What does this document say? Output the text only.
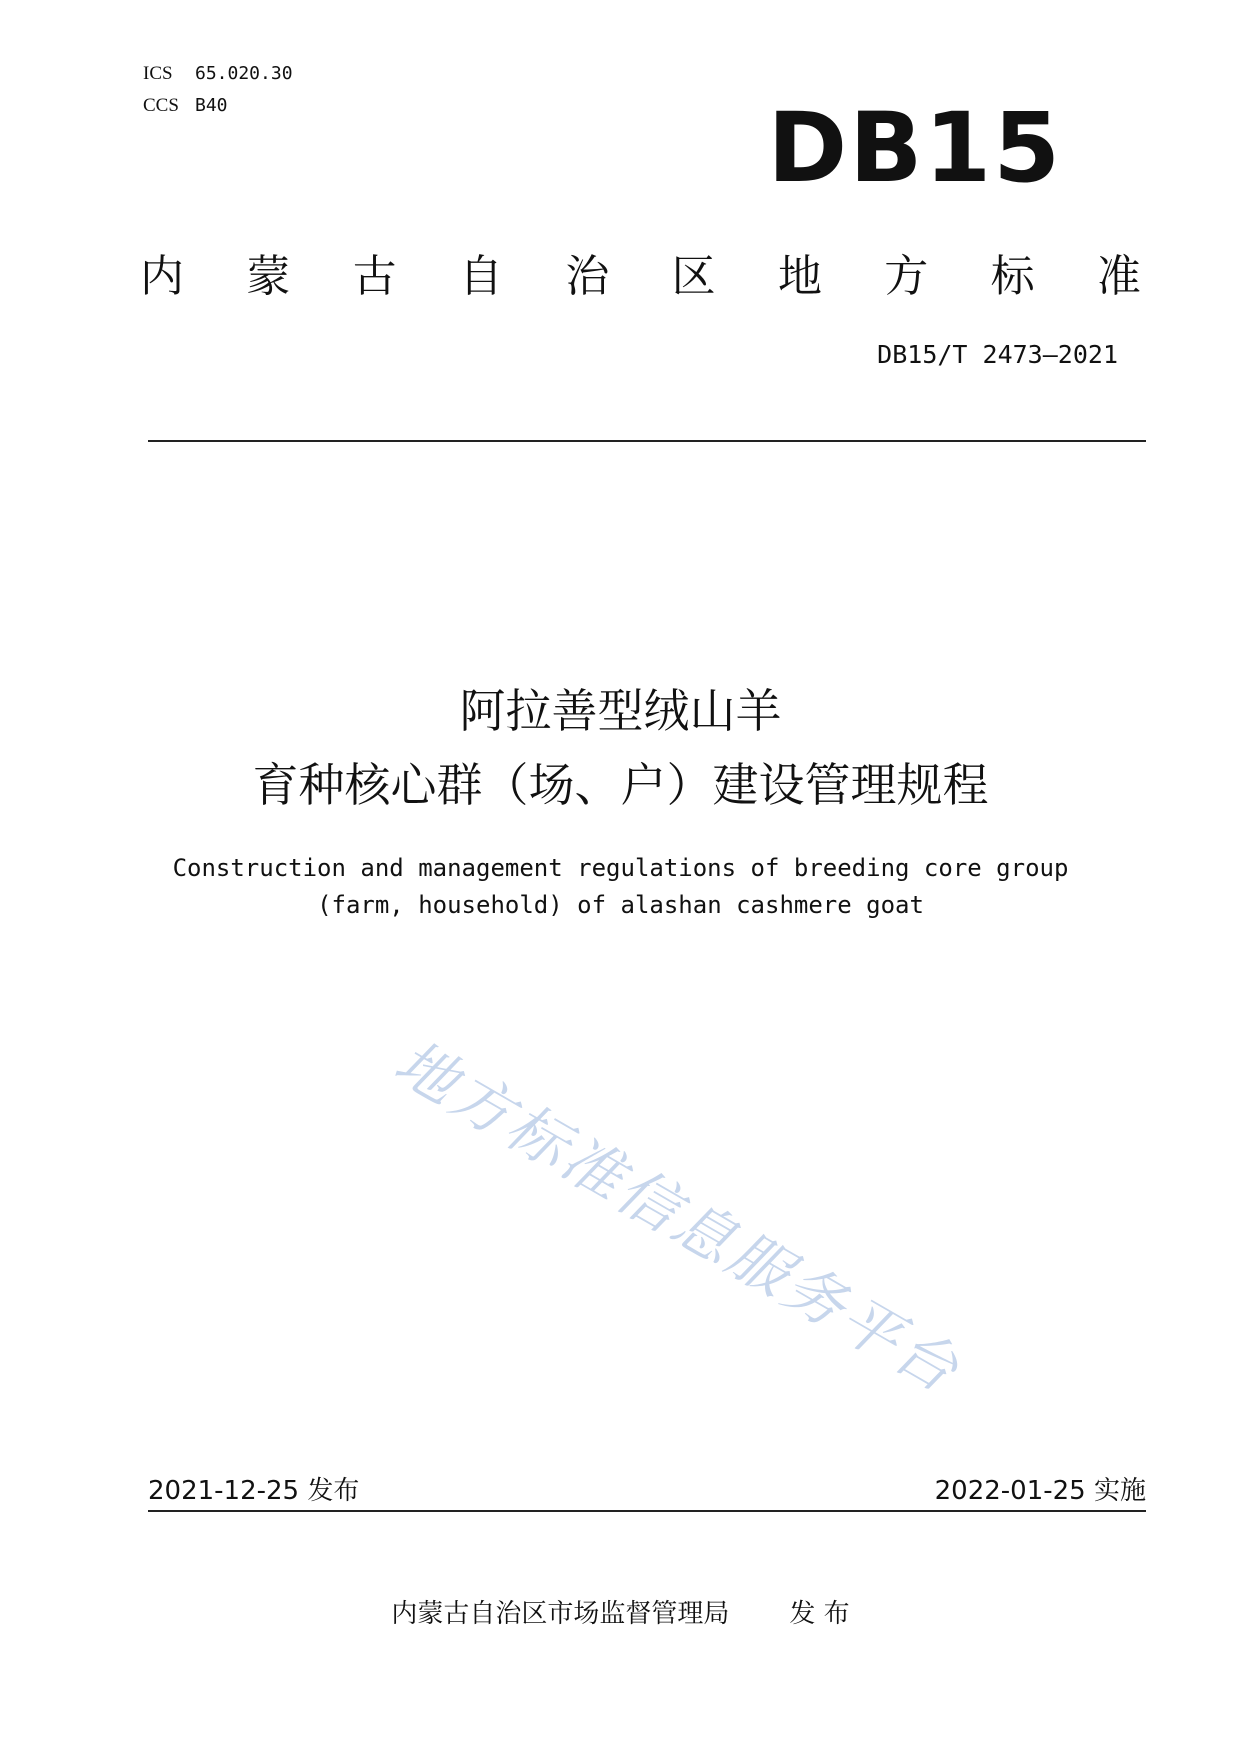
ICS 65.020.30
CCS B40	DB15
内 蒙 古 自 治 区 地 方 标 准
DB15/T 2473—2021
阿拉善型绒山羊
育种核心群（场、户）建设管理规程
Construction and management regulations of breeding core group
(farm, household) of alashan cashmere goat
地方标准信息服务平台
2021-12-25 发布	2022-01-25 实施
内蒙古自治区市场监督管理局 发 布
